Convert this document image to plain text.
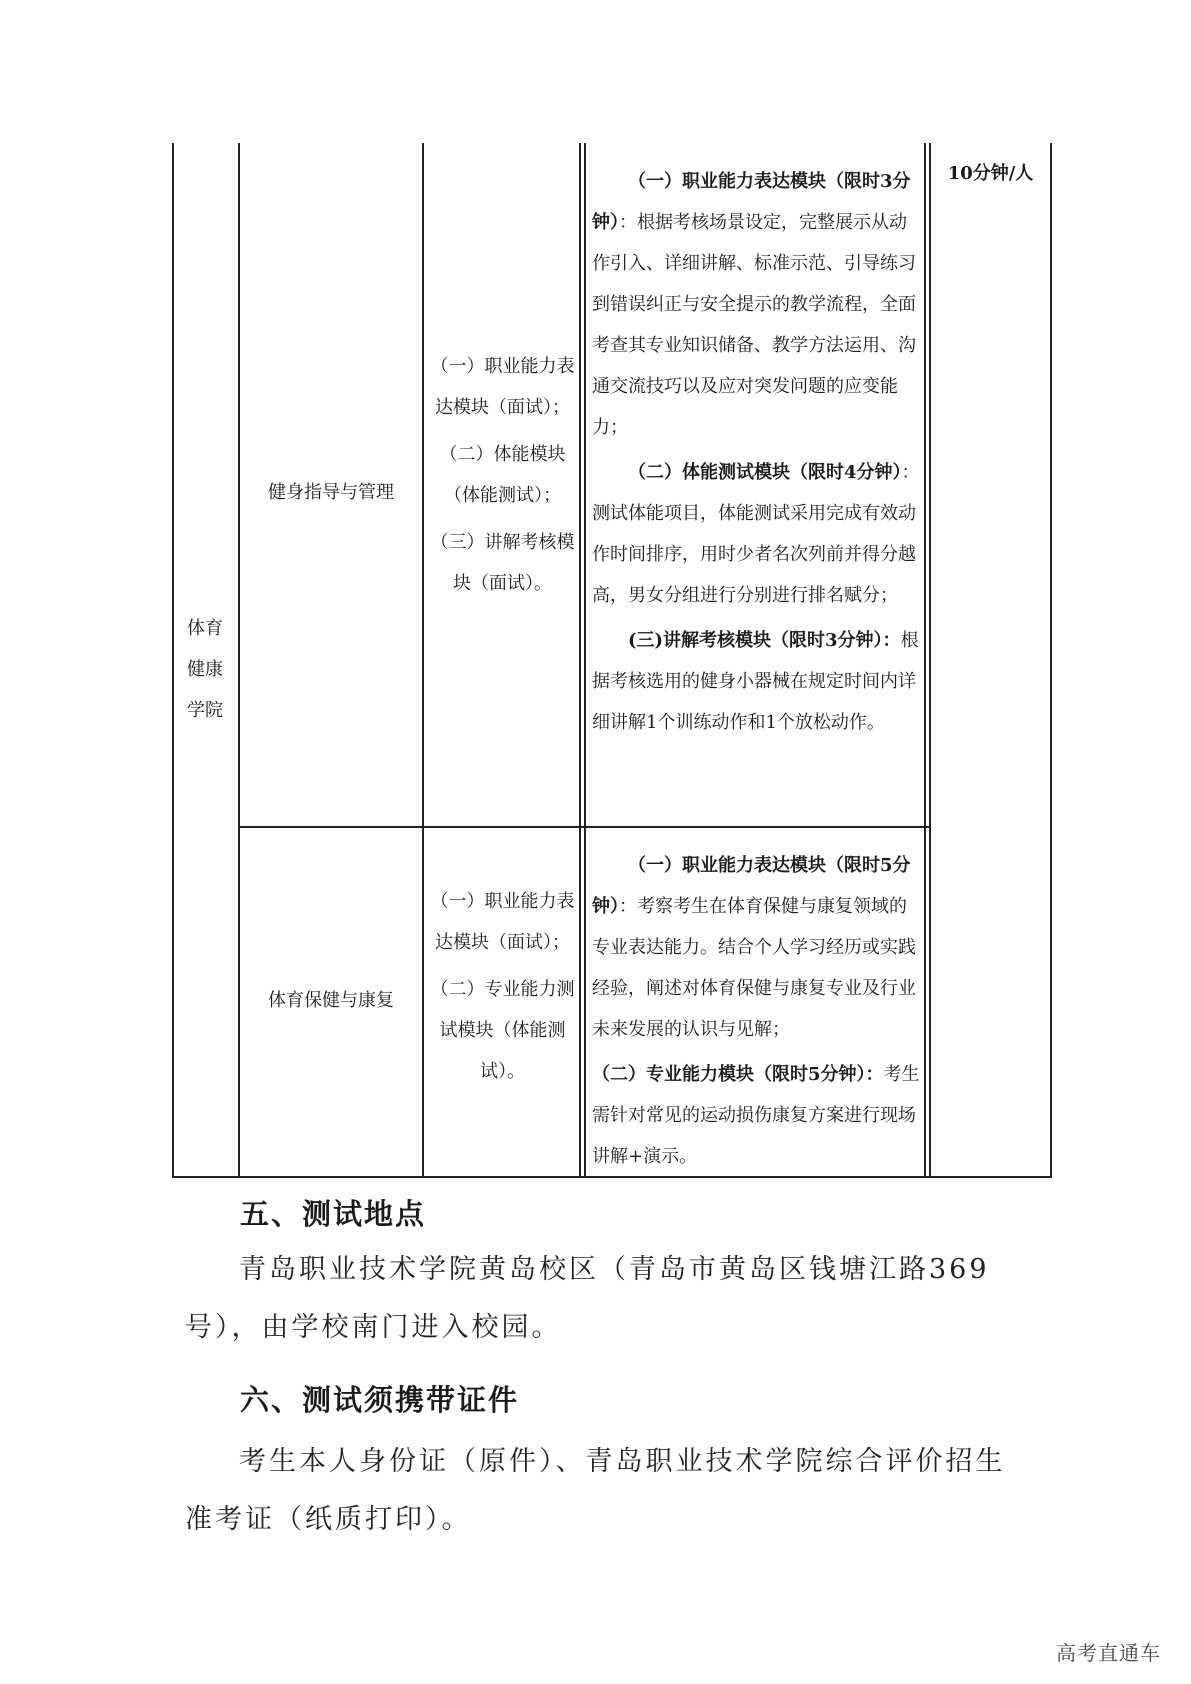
体育
健康
学院
健身指导与管理

（一）职业能力表达模块（面试）；

（二）体能模块（体能测试）；

（三）讲解考核模块（面试）。

（一）职业能力表达模块（限时3分钟）：根据考核场景设定，完整展示从动作引入、详细讲解、标准示范、引导练习到错误纠正与安全提示的教学流程，全面考查其专业知识储备、教学方法运用、沟通交流技巧以及应对突发问题的应变能力；

（二）体能测试模块（限时4分钟）：测试体能项目，体能测试采用完成有效动作时间排序，用时少者名次列前并得分越高，男女分组进行分别进行排名赋分；

(三)讲解考核模块（限时3分钟）：根据考核选用的健身小器械在规定时间内详细讲解1个训练动作和1个放松动作。

10分钟/人
体育保健与康复

（一）职业能力表达模块（面试）；

（二）专业能力测试模块（体能测试）。

（一）职业能力表达模块（限时5分钟）：考察考生在体育保健与康复领域的专业表达能力。结合个人学习经历或实践经验，阐述对体育保健与康复专业及行业未来发展的认识与见解；

（二）专业能力模块（限时5分钟）：考生需针对常见的运动损伤康复方案进行现场讲解+演示。

五、测试地点
青岛职业技术学院黄岛校区（青岛市黄岛区钱塘江路369号），由学校南门进入校园。
六、测试须携带证件
考生本人身份证（原件）、青岛职业技术学院综合评价招生准考证（纸质打印）。
高考直通车
